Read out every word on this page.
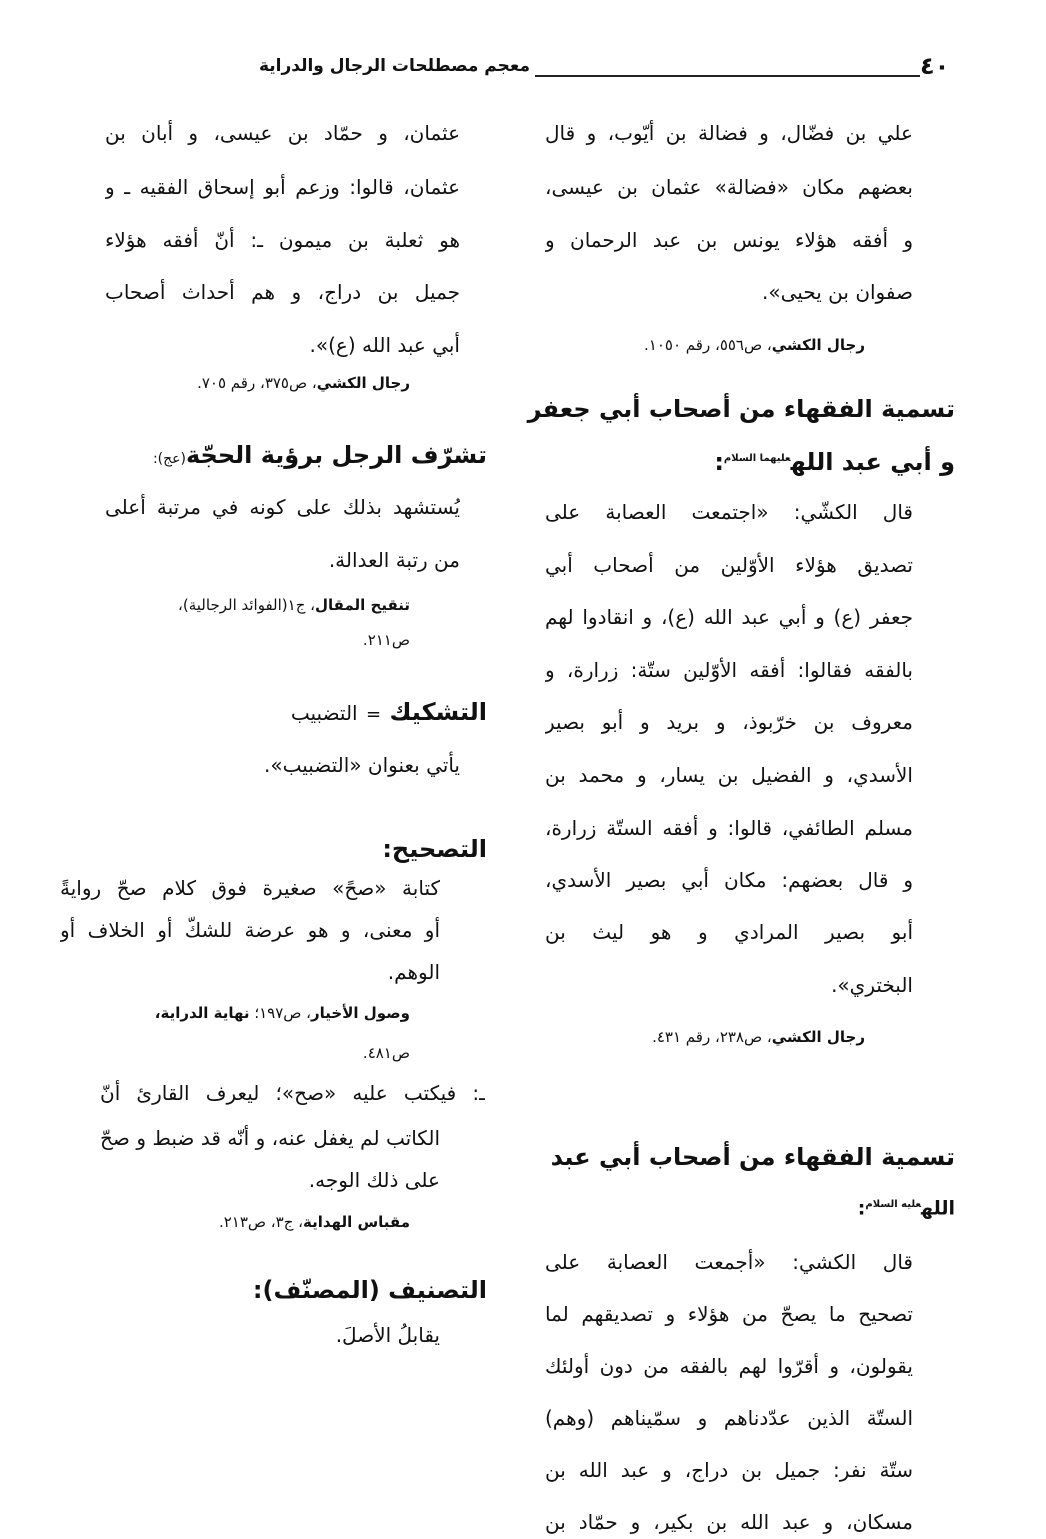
٤٠
معجم مصطلحات الرجال والدراية
علي بن فضّال، و فضالة بن أيّوب، و قال
بعضهم مكان «فضالة» عثمان بن عيسى،
و أفقه هؤلاء يونس بن عبد الرحمان و
صفوان بن يحيى».
رجال الكشي، ص٥٥٦، رقم ١٠٥٠.
تسمية الفقهاء من أصحاب أبي جعفر
و أبي عبد الله$^{عليهما السلام}$:
قال الكشّي: «اجتمعت العصابة على
تصديق هؤلاء الأوّلين من أصحاب أبي
جعفر (ع) و أبي عبد الله (ع)، و انقادوا لهم
بالفقه فقالوا: أفقه الأوّلين ستّة: زرارة، و
معروف بن خرّبوذ، و بريد و أبو بصير
الأسدي، و الفضيل بن يسار، و محمد بن
مسلم الطائفي، قالوا: و أفقه الستّة زرارة،
و قال بعضهم: مكان أبي بصير الأسدي،
أبو بصير المرادي و هو ليث بن
البختري».
رجال الكشي، ص٢٣٨، رقم ٤٣١.
تسمية الفقهاء من أصحاب أبي عبد
الله$^{عليه السلام}$:
قال الكشي: «أجمعت العصابة على
تصحيح ما يصحّ من هؤلاء و تصديقهم لما
يقولون، و أقرّوا لهم بالفقه من دون أولئك
الستّة الذين عدّدناهم و سمّيناهم (وهم)
ستّة نفر: جميل بن دراج، و عبد الله بن
مسكان، و عبد الله بن بكير، و حمّاد بن
عثمان، و حمّاد بن عيسى، و أبان بن
عثمان، قالوا: وزعم أبو إسحاق الفقيه ـ و
هو ثعلبة بن ميمون ـ: أنّ أفقه هؤلاء
جميل بن دراج، و هم أحداث أصحاب
أبي عبد الله (ع)».
رجال الكشي، ص٣٧٥، رقم ٧٠٥.
تشرّف الرجل برؤية الحجّة(عج):
يُستشهد بذلك على كونه في مرتبة أعلى
من رتبة العدالة.
تنقيح المقال، ج١(الفوائد الرجالية)،
ص٢١١.
التشكيك = التضبيب
يأتي بعنوان «التضبيب».
التصحيح:
كتابة «صحً» صغيرة فوق كلام صحّ روايةً
أو معنى، و هو عرضة للشكّ أو الخلاف أو
الوهم.
وصول الأخيار، ص١٩٧؛ نهاية الدراية،
ص٤٨١.
ـ: فيكتب عليه «صح»؛ ليعرف القارئ أنّ
الكاتب لم يغفل عنه، و أنّه قد ضبط و صحّ
على ذلك الوجه.
مقباس الهداية، ج٣، ص٢١٣.
التصنيف (المصنّف):
يقابلُ الأصلَ.
